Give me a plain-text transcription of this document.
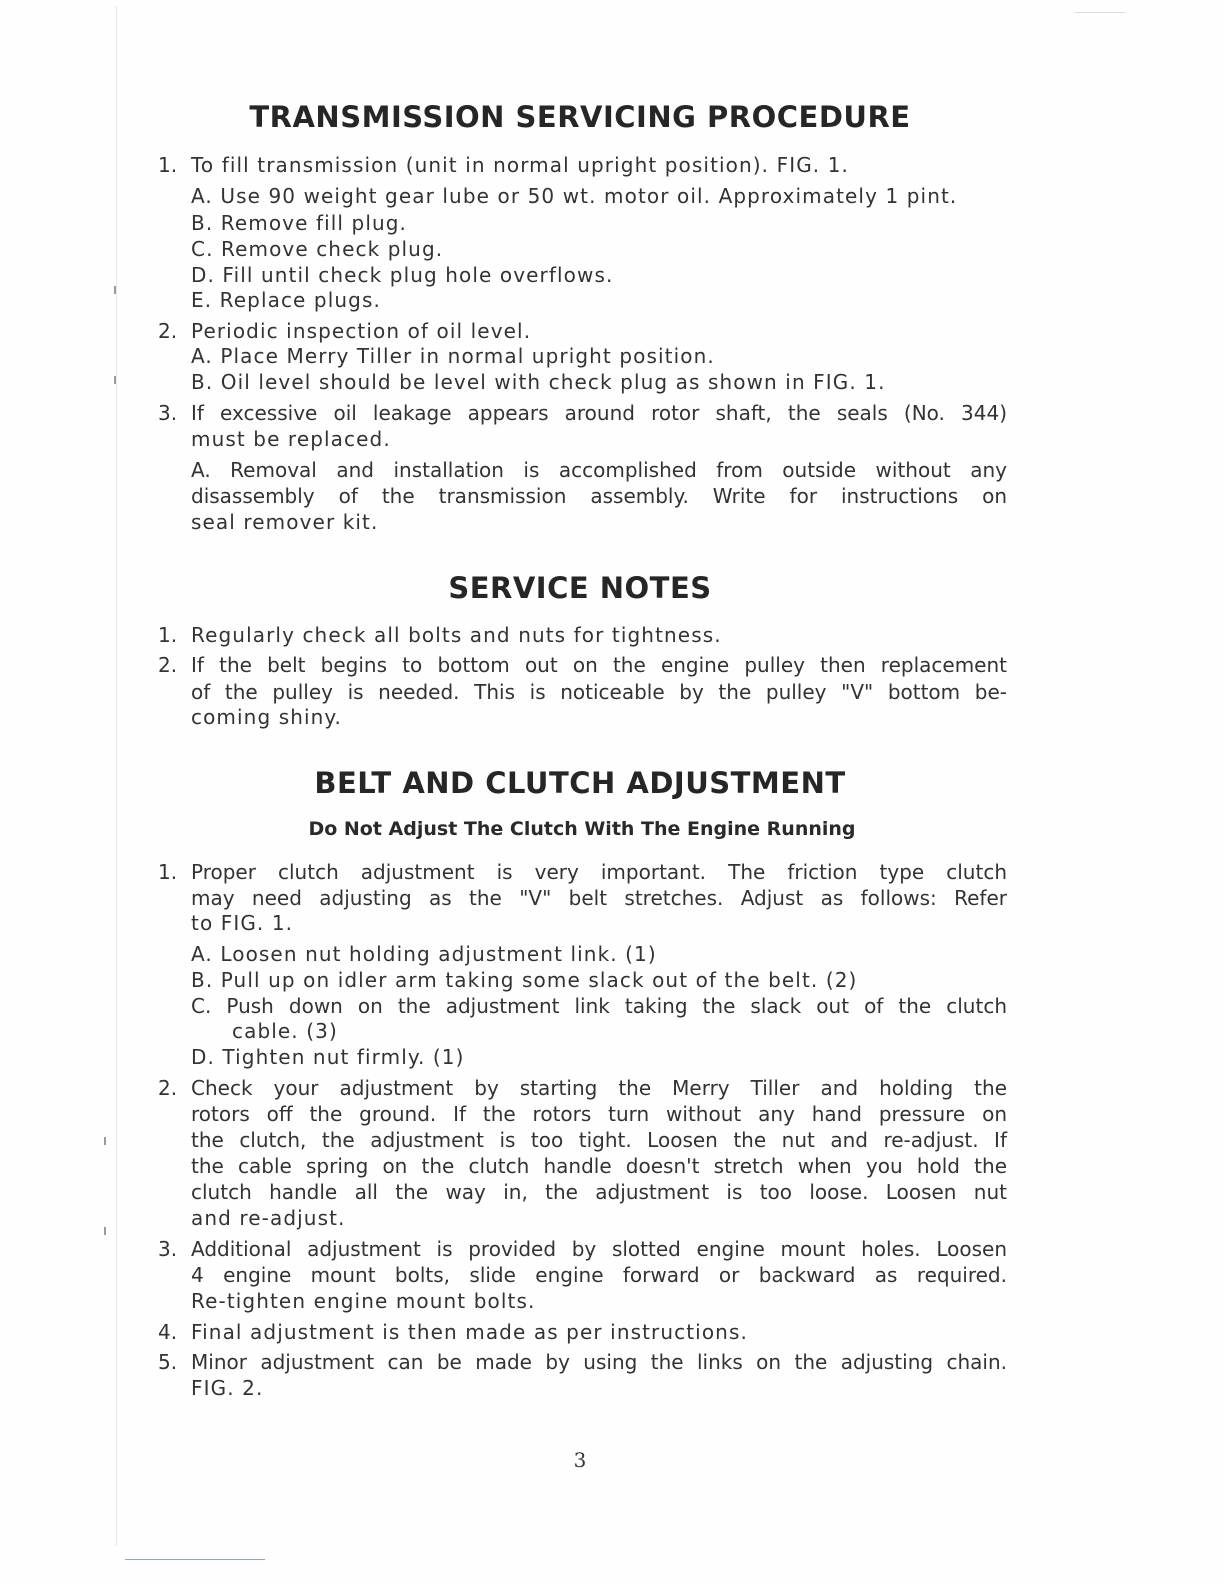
TRANSMISSION SERVICING PROCEDURE
1. To fill transmission (unit in normal upright position). FIG. 1.
A. Use 90 weight gear lube or 50 wt. motor oil. Approximately 1 pint.
B. Remove fill plug.
C. Remove check plug.
D. Fill until check plug hole overflows.
E. Replace plugs.
2. Periodic inspection of oil level.
A. Place Merry Tiller in normal upright position.
B. Oil level should be level with check plug as shown in FIG. 1.
3. If excessive oil leakage appears around rotor shaft, the seals (No. 344)
must be replaced.
A. Removal and installation is accomplished from outside without any
disassembly of the transmission assembly. Write for instructions on
seal remover kit.
SERVICE NOTES
1. Regularly check all bolts and nuts for tightness.
2. If the belt begins to bottom out on the engine pulley then replacement
of the pulley is needed. This is noticeable by the pulley "V" bottom be-
coming shiny.
BELT AND CLUTCH ADJUSTMENT
Do Not Adjust The Clutch With The Engine Running
1. Proper clutch adjustment is very important. The friction type clutch
may need adjusting as the "V" belt stretches. Adjust as follows: Refer
to FIG. 1.
A. Loosen nut holding adjustment link. (1)
B. Pull up on idler arm taking some slack out of the belt. (2)
C. Push down on the adjustment link taking the slack out of the clutch
cable. (3)
D. Tighten nut firmly. (1)
2. Check your adjustment by starting the Merry Tiller and holding the
rotors off the ground. If the rotors turn without any hand pressure on
the clutch, the adjustment is too tight. Loosen the nut and re-adjust. If
the cable spring on the clutch handle doesn't stretch when you hold the
clutch handle all the way in, the adjustment is too loose. Loosen nut
and re-adjust.
3. Additional adjustment is provided by slotted engine mount holes. Loosen
4 engine mount bolts, slide engine forward or backward as required.
Re-tighten engine mount bolts.
4. Final adjustment is then made as per instructions.
5. Minor adjustment can be made by using the links on the adjusting chain.
FIG. 2.
3
